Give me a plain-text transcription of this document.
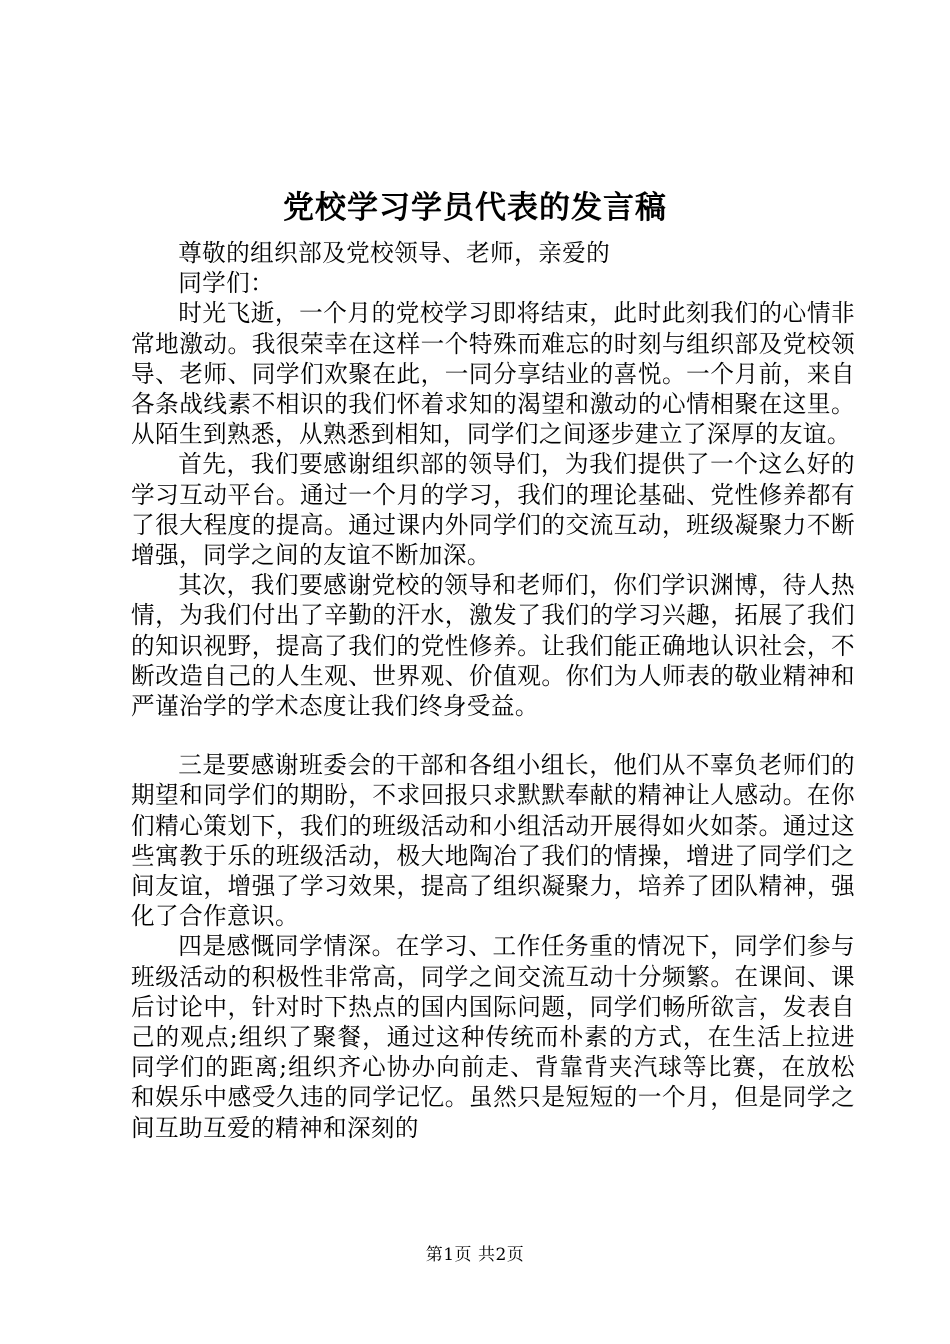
党校学习学员代表的发言稿

尊敬的组织部及党校领导、老师，亲爱的

同学们：

时光飞逝，一个月的党校学习即将结束，此时此刻我们的心情非常地激动。我很荣幸在这样一个特殊而难忘的时刻与组织部及党校领导、老师、同学们欢聚在此，一同分享结业的喜悦。一个月前，来自各条战线素不相识的我们怀着求知的渴望和激动的心情相聚在这里。从陌生到熟悉，从熟悉到相知，同学们之间逐步建立了深厚的友谊。

首先，我们要感谢组织部的领导们，为我们提供了一个这么好的学习互动平台。通过一个月的学习，我们的理论基础、党性修养都有了很大程度的提高。通过课内外同学们的交流互动，班级凝聚力不断增强，同学之间的友谊不断加深。

其次，我们要感谢党校的领导和老师们，你们学识渊博，待人热情，为我们付出了辛勤的汗水，激发了我们的学习兴趣，拓展了我们的知识视野，提高了我们的党性修养。让我们能正确地认识社会，不断改造自己的人生观、世界观、价值观。你们为人师表的敬业精神和严谨治学的学术态度让我们终身受益。

三是要感谢班委会的干部和各组小组长，他们从不辜负老师们的期望和同学们的期盼，不求回报只求默默奉献的精神让人感动。在你们精心策划下，我们的班级活动和小组活动开展得如火如荼。通过这些寓教于乐的班级活动，极大地陶冶了我们的情操，增进了同学们之间友谊，增强了学习效果，提高了组织凝聚力，培养了团队精神，强化了合作意识。

四是感慨同学情深。在学习、工作任务重的情况下，同学们参与班级活动的积极性非常高，同学之间交流互动十分频繁。在课间、课后讨论中，针对时下热点的国内国际问题，同学们畅所欲言，发表自己的观点;组织了聚餐，通过这种传统而朴素的方式，在生活上拉进同学们的距离;组织齐心协办向前走、背靠背夹汽球等比赛，在放松和娱乐中感受久违的同学记忆。虽然只是短短的一个月，但是同学之间互助互爱的精神和深刻的

第1页 共2页
